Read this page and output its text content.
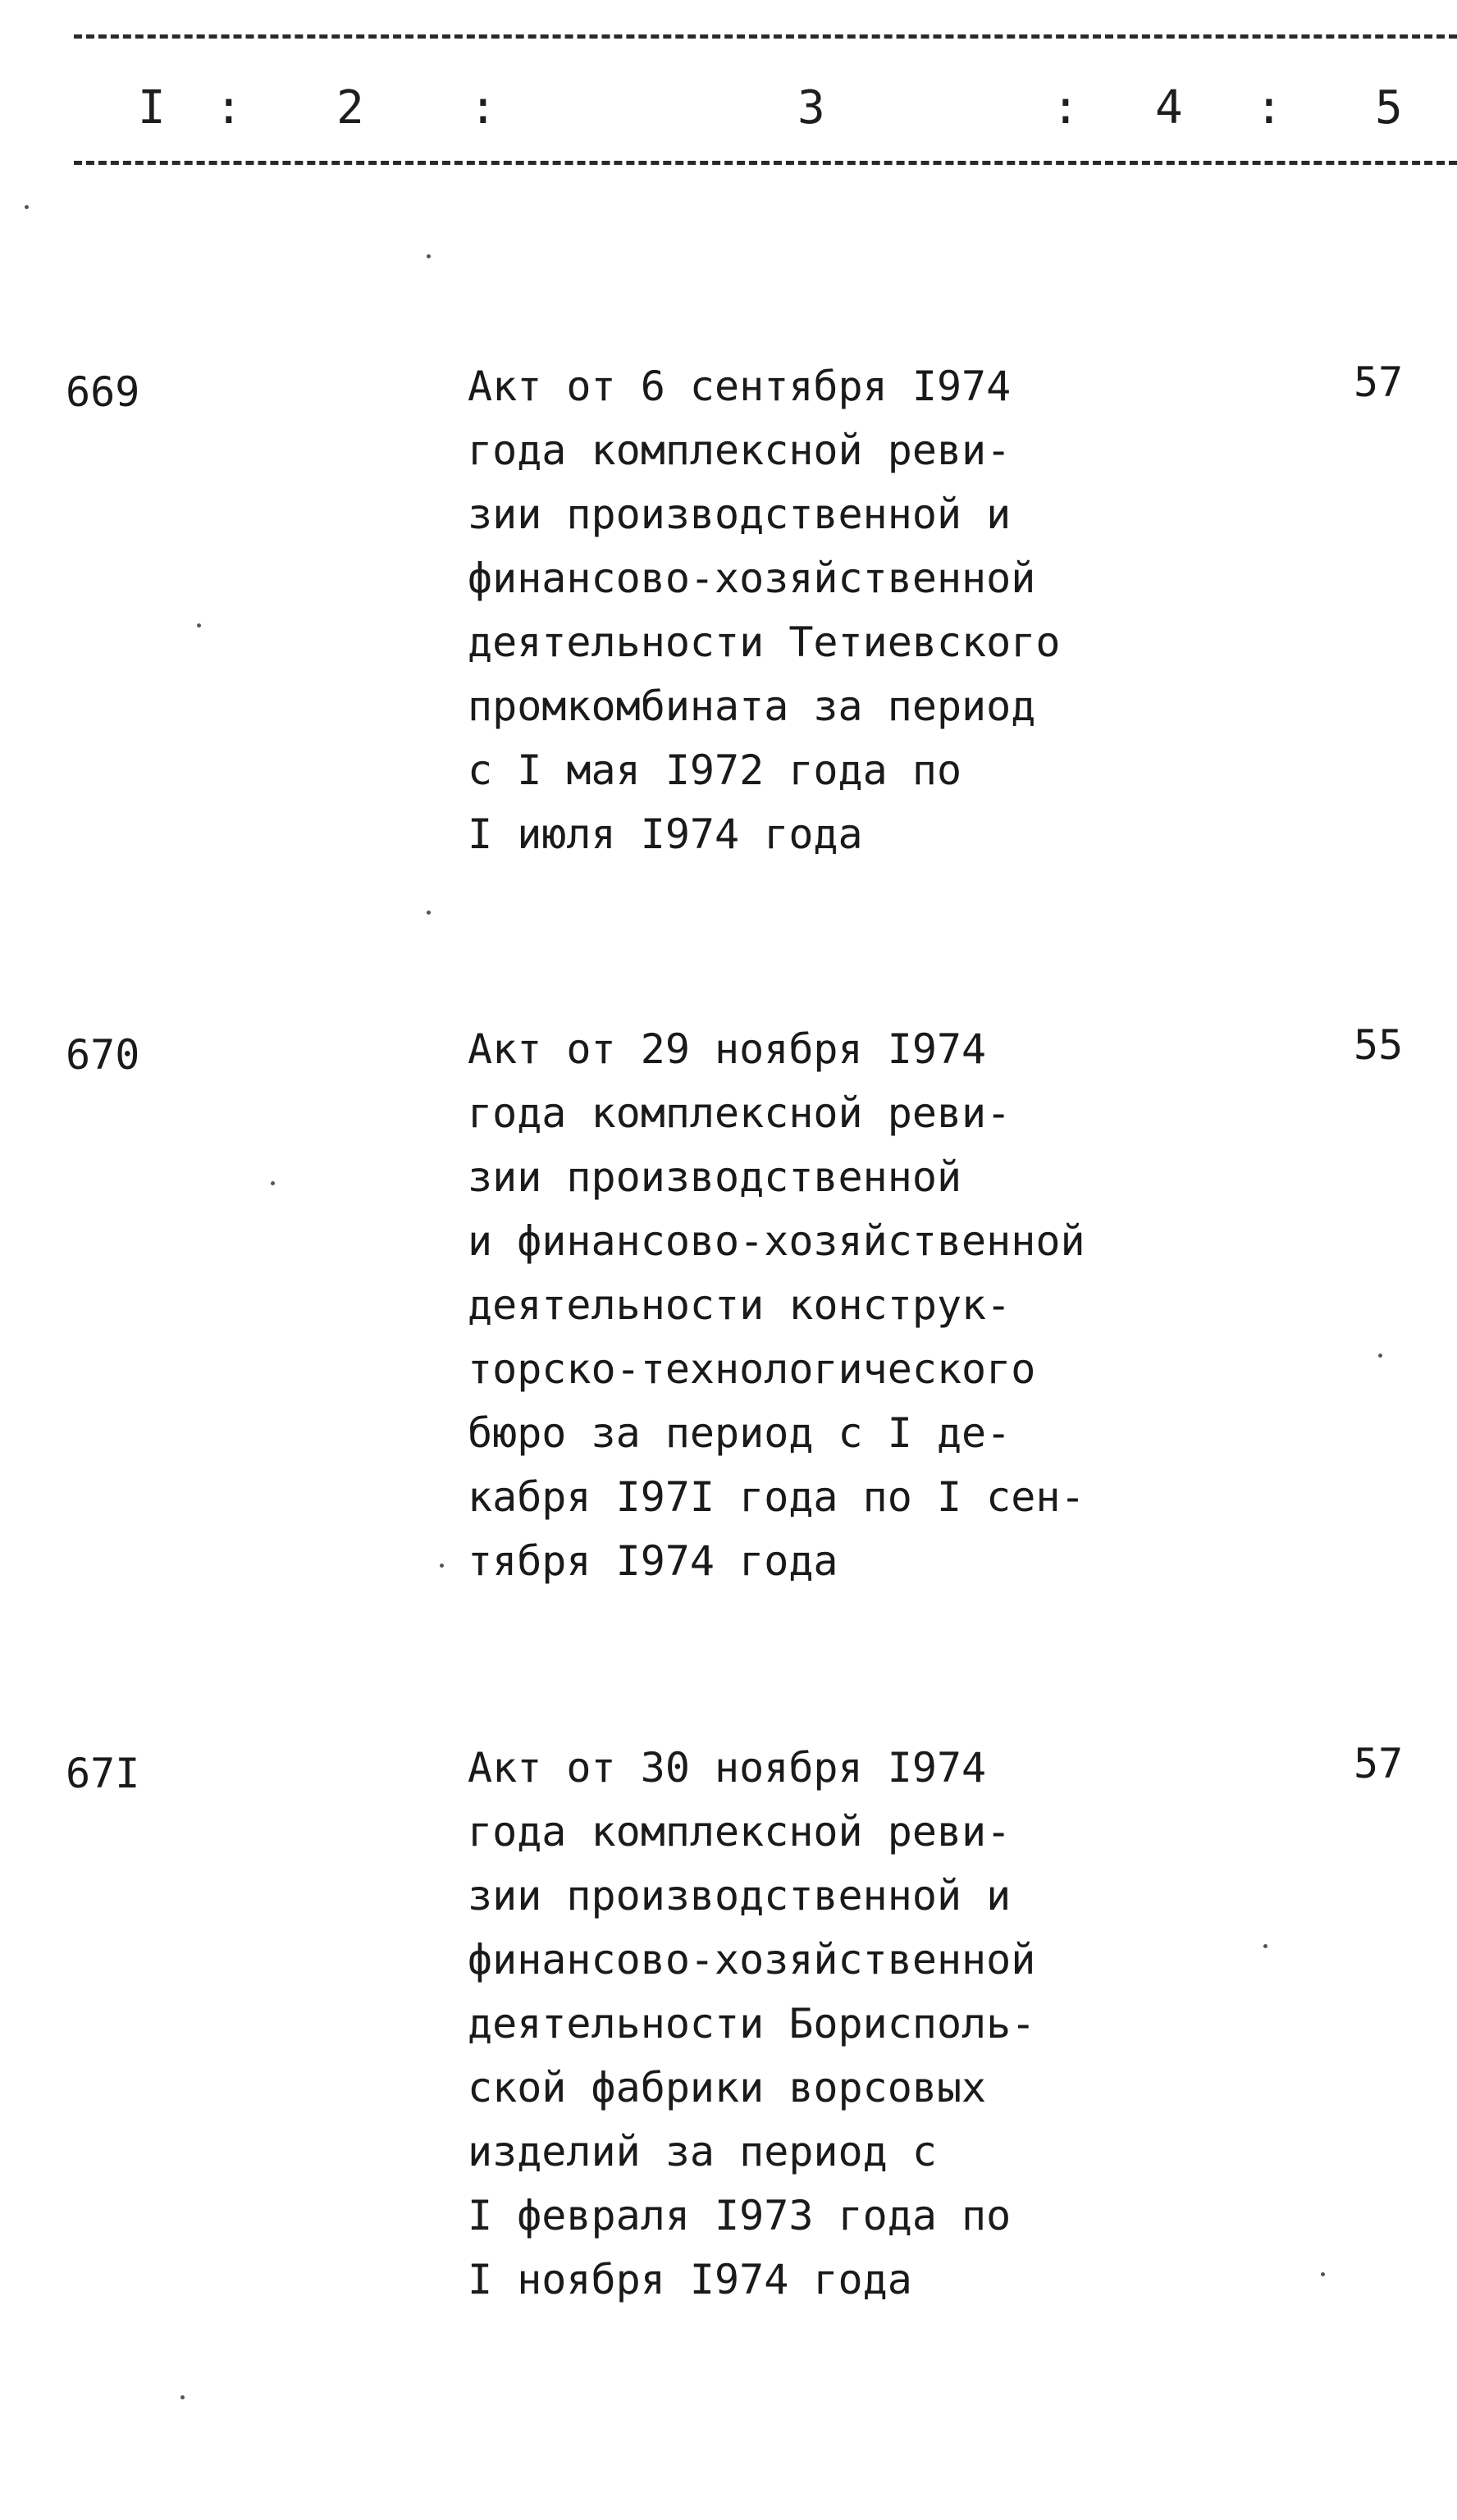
I : 2 :	3	: 4 : 5
669	Акт от 6 сентября I974
года комплексной реви-
зии производственной и
финансово-хозяйственной
деятельности Тетиевского
промкомбината за период
с I мая I972 года по
I июля I974 года
57
670	Акт от 29 ноября I974
года комплексной реви-
зии производственной
и финансово-хозяйственной
деятельности конструк-
торско-технологического
бюро за период с I де-
кабря I97I года по I сен-
тября I974 года
55
67I	Акт от 30 ноября I974
года комплексной реви-
зии производственной и
финансово-хозяйственной
деятельности Борисполь-
ской фабрики ворсовых
изделий за период с
I февраля I973 года по
I ноября I974 года
57
